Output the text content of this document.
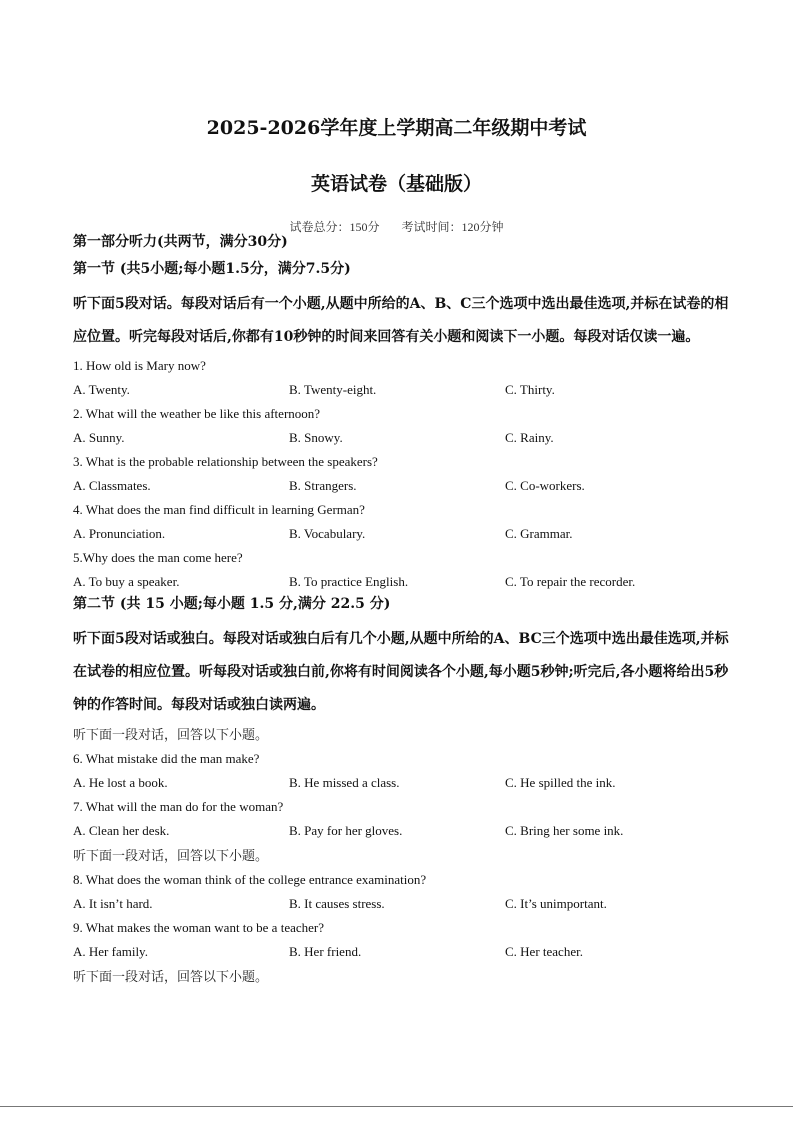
2025-2026学年度上学期高二年级期中考试
英语试卷（基础版）
试卷总分：150分 考试时间：120分钟
第一部分听力(共两节，满分30分)
第一节 (共5小题;每小题1.5分，满分7.5分)
听下面5段对话。每段对话后有一个小题,从题中所给的A、B、C三个选项中选出最佳选项,并标在试卷的相应位置。听完每段对话后,你都有10秒钟的时间来回答有关小题和阅读下一小题。每段对话仅读一遍。
1. How old is Mary now?
A. Twenty.	B. Twenty-eight.	C. Thirty.
2. What will the weather be like this afternoon?
A. Sunny.	B. Snowy.	C. Rainy.
3. What is the probable relationship between the speakers?
A. Classmates.	B. Strangers.	C. Co-workers.
4. What does the man find difficult in learning German?
A. Pronunciation.	B. Vocabulary.	C. Grammar.
5.Why does the man come here?
A. To buy a speaker.	B. To practice English.	C. To repair the recorder.
第二节 (共 15 小题;每小题 1.5 分,满分 22.5 分)
听下面5段对话或独白。每段对话或独白后有几个小题,从题中所给的A、BC三个选项中选出最佳选项,并标在试卷的相应位置。听每段对话或独白前,你将有时间阅读各个小题,每小题5秒钟;听完后,各小题将给出5秒钟的作答时间。每段对话或独白读两遍。
听下面一段对话，回答以下小题。
6. What mistake did the man make?
A. He lost a book.	B. He missed a class.	C. He spilled the ink.
7. What will the man do for the woman?
A. Clean her desk.	B. Pay for her gloves.	C. Bring her some ink.
听下面一段对话，回答以下小题。
8. What does the woman think of the college entrance examination?
A. It isn’t hard.	B. It causes stress.	C. It’s unimportant.
9. What makes the woman want to be a teacher?
A. Her family.	B. Her friend.	C. Her teacher.
听下面一段对话，回答以下小题。
